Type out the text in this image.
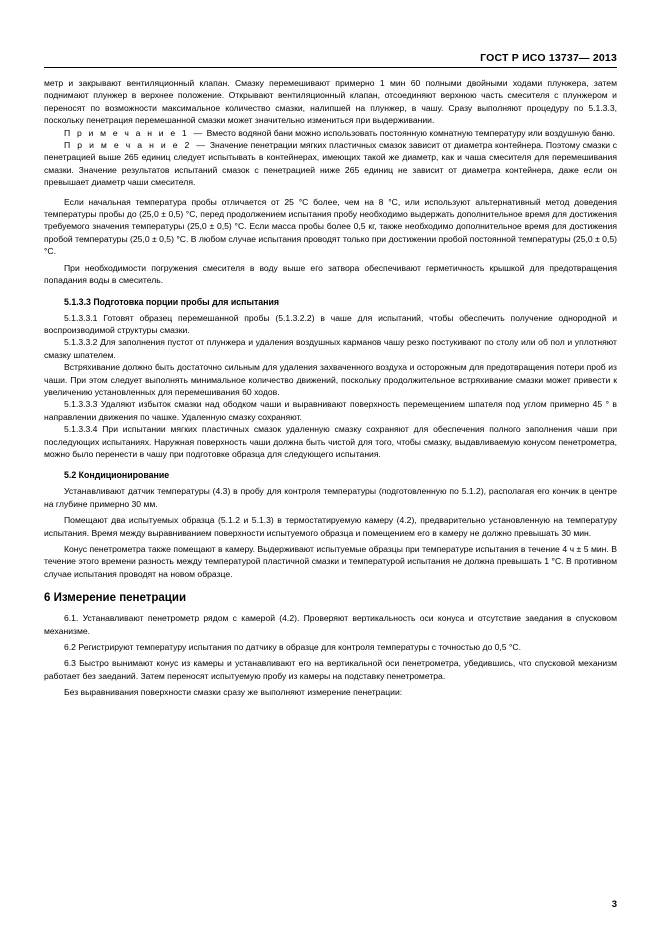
ГОСТ Р ИСО 13737— 2013

метр и закрывают вентиляционный клапан. Смазку перемешивают примерно 1 мин 60 полными двойными ходами плунжера, затем поднимают плунжер в верхнее положение. Открывают вентиляционный клапан, отсоединяют верхнюю часть смесителя с плунжером и переносят по возможности максимальное количество смазки, налипшей на плунжер, в чашу. Сразу выполняют процедуру по 5.1.3.3, поскольку пенетрация перемешанной смазки может значительно измениться при выдерживании.

П р и м е ч а н и е 1 — Вместо водяной бани можно использовать постоянную комнатную температуру или воздушную баню.

П р и м е ч а н и е 2 — Значение пенетрации мягких пластичных смазок зависит от диаметра контейнера. Поэтому смазки с пенетрацией выше 265 единиц следует испытывать в контейнерах, имеющих такой же диаметр, как и чаша смесителя для перемешивания смазки. Значение результатов испытаний смазок с пенетрацией ниже 265 единиц не зависит от диаметра контейнера, даже если он превышает диаметр чаши смесителя.

Если начальная температура пробы отличается от 25 °С более, чем на 8 °С, или используют альтернативный метод доведения температуры пробы до (25,0 ± 0,5) °С, перед продолжением испытания пробу необходимо выдержать дополнительное время для достижения требуемого значения температуры (25,0 ± 0,5) °С. Если масса пробы более 0,5 кг, также необходимо дополнительное время для достижения пробой температуры (25,0 ± 0,5) °С. В любом случае испытания проводят только при достижении пробой постоянной температуры (25,0 ± 0,5) °С.

При необходимости погружения смесителя в воду выше его затвора обеспечивают герметичность крышкой для предотвращения попадания воды в смеситель.

5.1.3.3 Подготовка порции пробы для испытания

5.1.3.3.1 Готовят образец перемешанной пробы (5.1.3.2.2) в чаше для испытаний, чтобы обеспечить получение однородной и воспроизводимой структуры смазки.

5.1.3.3.2 Для заполнения пустот от плунжера и удаления воздушных карманов чашу резко постукивают по столу или об пол и уплотняют смазку шпателем.

Встряхивание должно быть достаточно сильным для удаления захваченного воздуха и осторожным для предотвращения потери проб из чаши. При этом следует выполнять минимальное количество движений, поскольку продолжительное встряхивание смазки может привести к увеличению установленных для перемешивания 60 ходов.

5.1.3.3.3 Удаляют избыток смазки над ободком чаши и выравнивают поверхность перемещением шпателя под углом примерно 45 ° в направлении движения по чашке. Удаленную смазку сохраняют.

5.1.3.3.4 При испытании мягких пластичных смазок удаленную смазку сохраняют для обеспечения полного заполнения чаши при последующих испытаниях. Наружная поверхность чаши должна быть чистой для того, чтобы смазку, выдавливаемую конусом пенетрометра, можно было перенести в чашу при подготовке образца для следующего испытания.

5.2 Кондиционирование

Устанавливают датчик температуры (4.3) в пробу для контроля температуры (подготовленную по 5.1.2), располагая его кончик в центре на глубине примерно 30 мм.

Помещают два испытуемых образца (5.1.2 и 5.1.3) в термостатируемую камеру (4.2), предварительно установленную на температуру испытания. Время между выравниванием поверхности испытуемого образца и помещением его в камеру не должно превышать 30 мин.

Конус пенетрометра также помещают в камеру. Выдерживают испытуемые образцы при температуре испытания в течение 4 ч ± 5 мин. В течение этого времени разность между температурой пластичной смазки и температурой испытания не должна превышать 1 °С. В противном случае испытания проводят на новом образце.

6 Измерение пенетрации

6.1. Устанавливают пенетрометр рядом с камерой (4.2). Проверяют вертикальность оси конуса и отсутствие заедания в спусковом механизме.

6.2 Регистрируют температуру испытания по датчику в образце для контроля температуры с точностью до 0,5 °С.

6.3 Быстро вынимают конус из камеры и устанавливают его на вертикальной оси пенетрометра, убедившись, что спусковой механизм работает без заеданий. Затем переносят испытуемую пробу из камеры на подставку пенетрометра.

Без выравнивания поверхности смазки сразу же выполняют измерение пенетрации:

3
